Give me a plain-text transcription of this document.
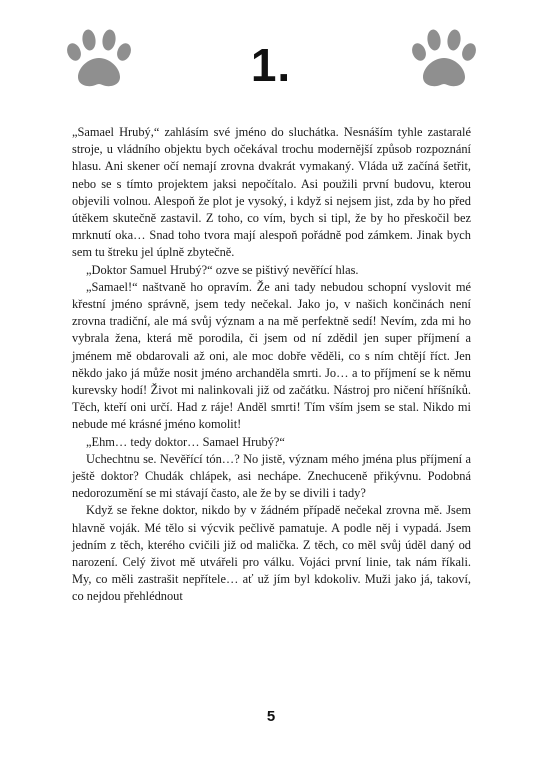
1.

„Samael Hrubý,“ zahlásím své jméno do sluchátka. Nesnáším tyhle zastaralé stroje, u vládního objektu bych očekával trochu modernější způsob rozpoznání hlasu. Ani skener očí nemají zrovna dvakrát vymakaný. Vláda už začíná šetřit, nebo se s tímto projektem jaksi nepočítalo. Asi použili první budovu, kterou objevili volnou. Alespoň že plot je vysoký, i když si nejsem jist, zda by ho před útěkem skutečně zastavil. Z toho, co vím, bych si tipl, že by ho přeskočil bez mrknutí oka… Snad toho tvora mají alespoň pořádně pod zámkem. Jinak bych sem tu štreku jel úplně zbytečně.

„Doktor Samuel Hrubý?“ ozve se pištivý nevěřící hlas.

„Samael!“ naštvaně ho opravím. Že ani tady nebudou schopní vyslovit mé křestní jméno správně, jsem tedy nečekal. Jako jo, v našich končinách není zrovna tradiční, ale má svůj význam a na mě perfektně sedí! Nevím, zda mi ho vybrala žena, která mě porodila, či jsem od ní zdědil jen super příjmení a jménem mě obdarovali až oni, ale moc dobře věděli, co s ním chtějí říct. Jen někdo jako já může nosit jméno archanděla smrti. Jo… a to příjmení se k němu kurevsky hodí! Život mi nalinkovali již od začátku. Nástroj pro ničení hříšníků. Těch, kteří oni určí. Had z ráje! Anděl smrti! Tím vším jsem se stal. Nikdo mi nebude mé krásné jméno komolit!

„Ehm… tedy doktor… Samael Hrubý?“

Uchechtnu se. Nevěřící tón…? No jistě, význam mého jména plus příjmení a ještě doktor? Chudák chlápek, asi nechápe. Znechuceně přikývnu. Podobná nedorozumění se mi stávají často, ale že by se divili i tady?

Když se řekne doktor, nikdo by v žádném případě nečekal zrovna mě. Jsem hlavně voják. Mé tělo si výcvik pečlivě pamatuje. A podle něj i vypadá. Jsem jedním z těch, kterého cvičili již od malička. Z těch, co měl svůj úděl daný od narození. Celý život mě utvářeli pro válku. Vojáci první linie, tak nám říkali. My, co měli zastrašit nepřítele… ať už jím byl kdokoliv. Muži jako já, takoví, co nejdou přehlédnout

5
